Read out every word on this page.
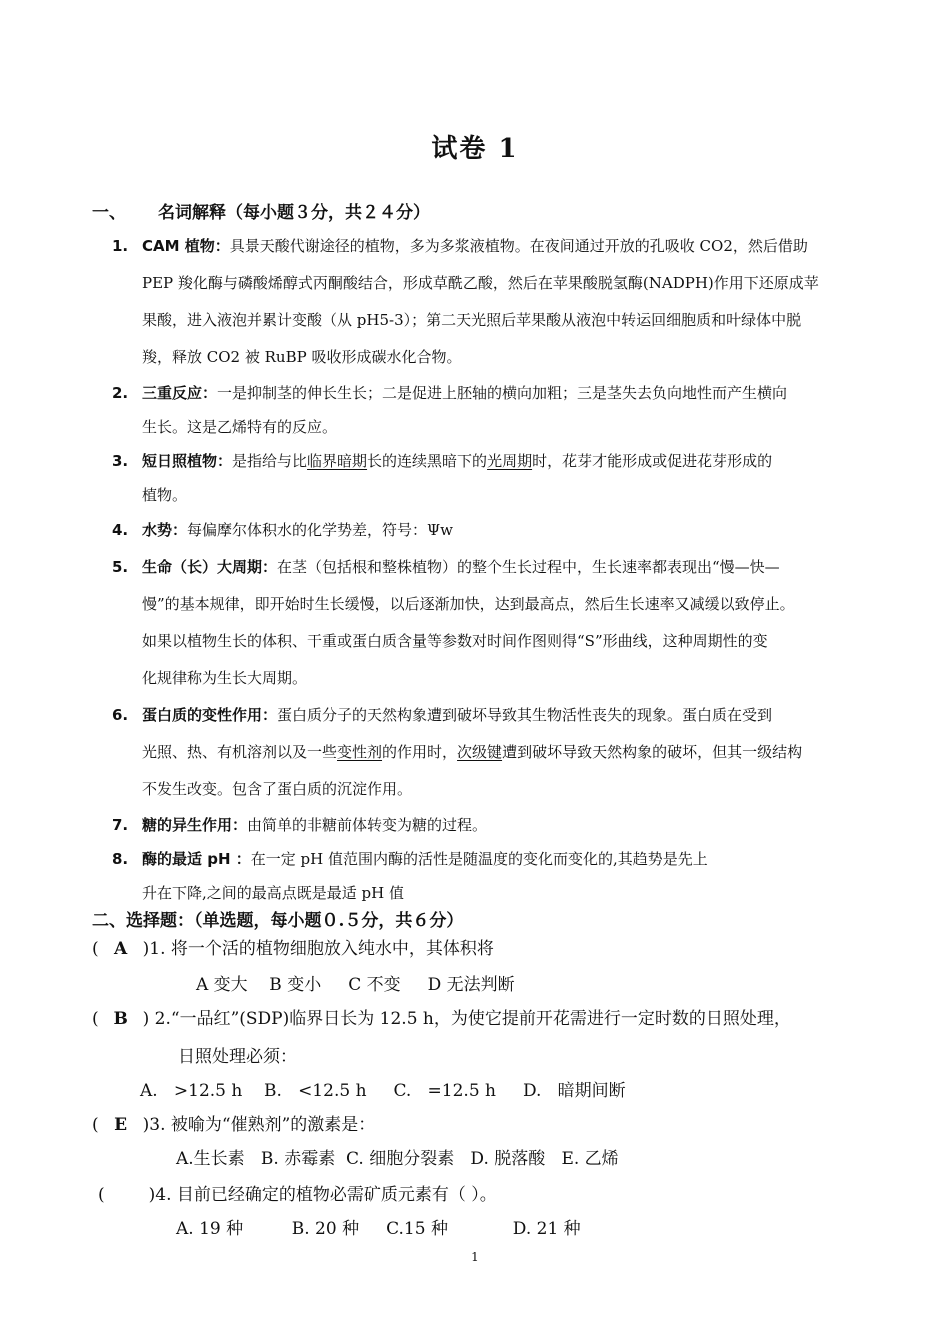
试卷 1
一、 名词解释（每小题３分，共２４分）
1. CAM 植物：具景天酸代谢途径的植物，多为多浆液植物。在夜间通过开放的孔吸收 CO2，然后借助
PEP 羧化酶与磷酸烯醇式丙酮酸结合，形成草酰乙酸，然后在苹果酸脱氢酶(NADPH)作用下还原成苹
果酸，进入液泡并累计变酸（从 pH5-3）；第二天光照后苹果酸从液泡中转运回细胞质和叶绿体中脱
羧，释放 CO2 被 RuBP 吸收形成碳水化合物。
2. 三重反应：一是抑制茎的伸长生长；二是促进上胚轴的横向加粗；三是茎失去负向地性而产生横向
生长。这是乙烯特有的反应。
3. 短日照植物：是指给与比临界暗期长的连续黑暗下的光周期时，花芽才能形成或促进花芽形成的
植物。
4. 水势：每偏摩尔体积水的化学势差，符号：Ψw
5. 生命（长）大周期：在茎（包括根和整株植物）的整个生长过程中，生长速率都表现出“慢—快—
慢”的基本规律，即开始时生长缓慢，以后逐渐加快，达到最高点，然后生长速率又减缓以致停止。
如果以植物生长的体积、干重或蛋白质含量等参数对时间作图则得“S”形曲线，这种周期性的变
化规律称为生长大周期。
6. 蛋白质的变性作用：蛋白质分子的天然构象遭到破坏导致其生物活性丧失的现象。蛋白质在受到
光照、热、有机溶剂以及一些变性剂的作用时，次级键遭到破坏导致天然构象的破坏，但其一级结构
不发生改变。包含了蛋白质的沉淀作用。
7. 糖的异生作用：由简单的非糖前体转变为糖的过程。
8. 酶的最适 pH ：在一定 pH 值范围内酶的活性是随温度的变化而变化的,其趋势是先上
升在下降,之间的最高点既是最适 pH 值
二、选择题：（单选题，每小题０.５分，共６分）
( A )1. 将一个活的植物细胞放入纯水中，其体积将
A 变大    B 变小     C 不变     D 无法判断
( B ) 2.“一品红”(SDP)临界日长为 12.5 h，为使它提前开花需进行一定时数的日照处理，
日照处理必须：
A.   >12.5 h    B.   <12.5 h     C.   =12.5 h     D.   暗期间断
( E )3. 被喻为“催熟剂”的激素是：
A.生长素   B. 赤霉素  C. 细胞分裂素   D. 脱落酸   E. 乙烯
(	)4. 目前已经确定的植物必需矿质元素有（ ）。
A. 19 种         B. 20 种     C.15 种            D. 21 种
1
